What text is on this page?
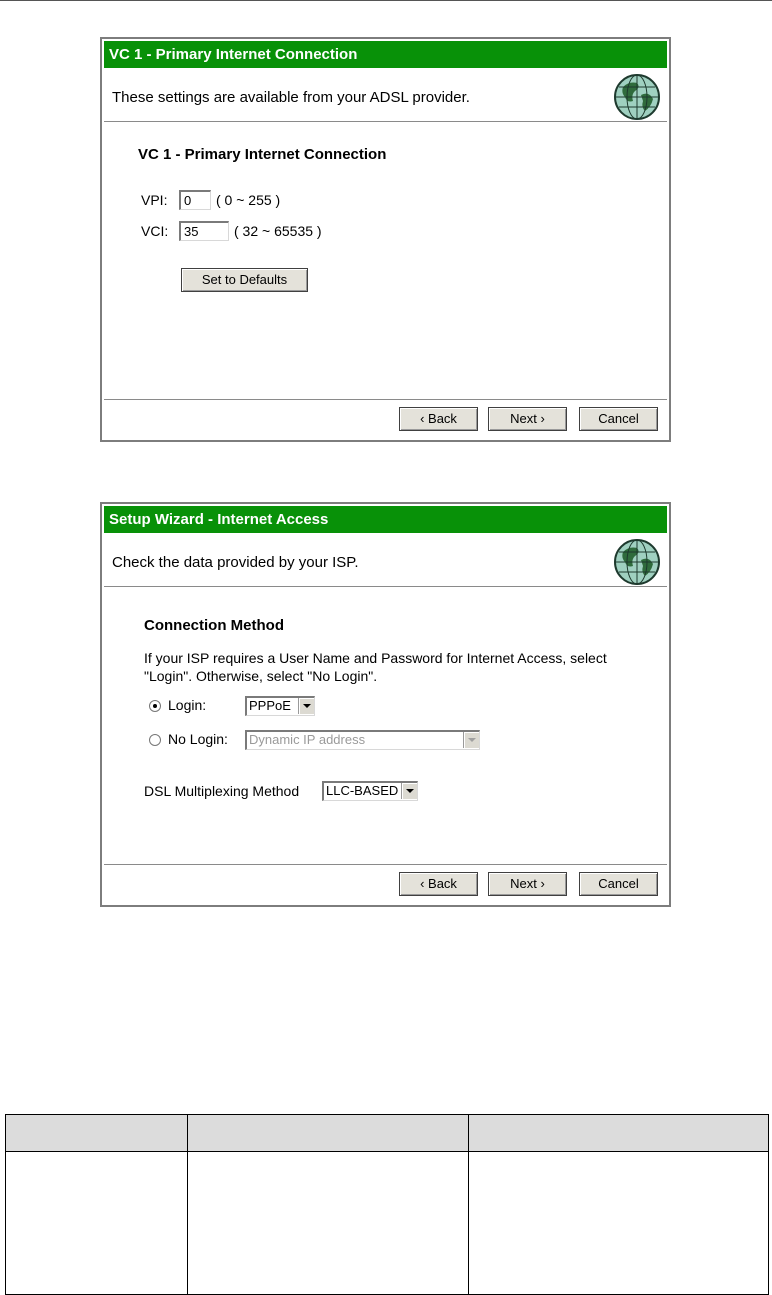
VC 1 - Primary Internet Connection
These settings are available from your ADSL provider.
VC 1 - Primary Internet Connection
VPI:
0	( 0 ~ 255 )
VCI:
35	( 32 ~ 65535 )
Set to Defaults
‹ Back	Next ›	Cancel
Setup Wizard - Internet Access
Check the data provided by your ISP.
Connection Method
If your ISP requires a User Name and Password for Internet Access, select "Login". Otherwise, select "No Login".
Login:	PPPoE
No Login:	Dynamic IP address
DSL Multiplexing Method	LLC-BASED
‹ Back	Next ›	Cancel
